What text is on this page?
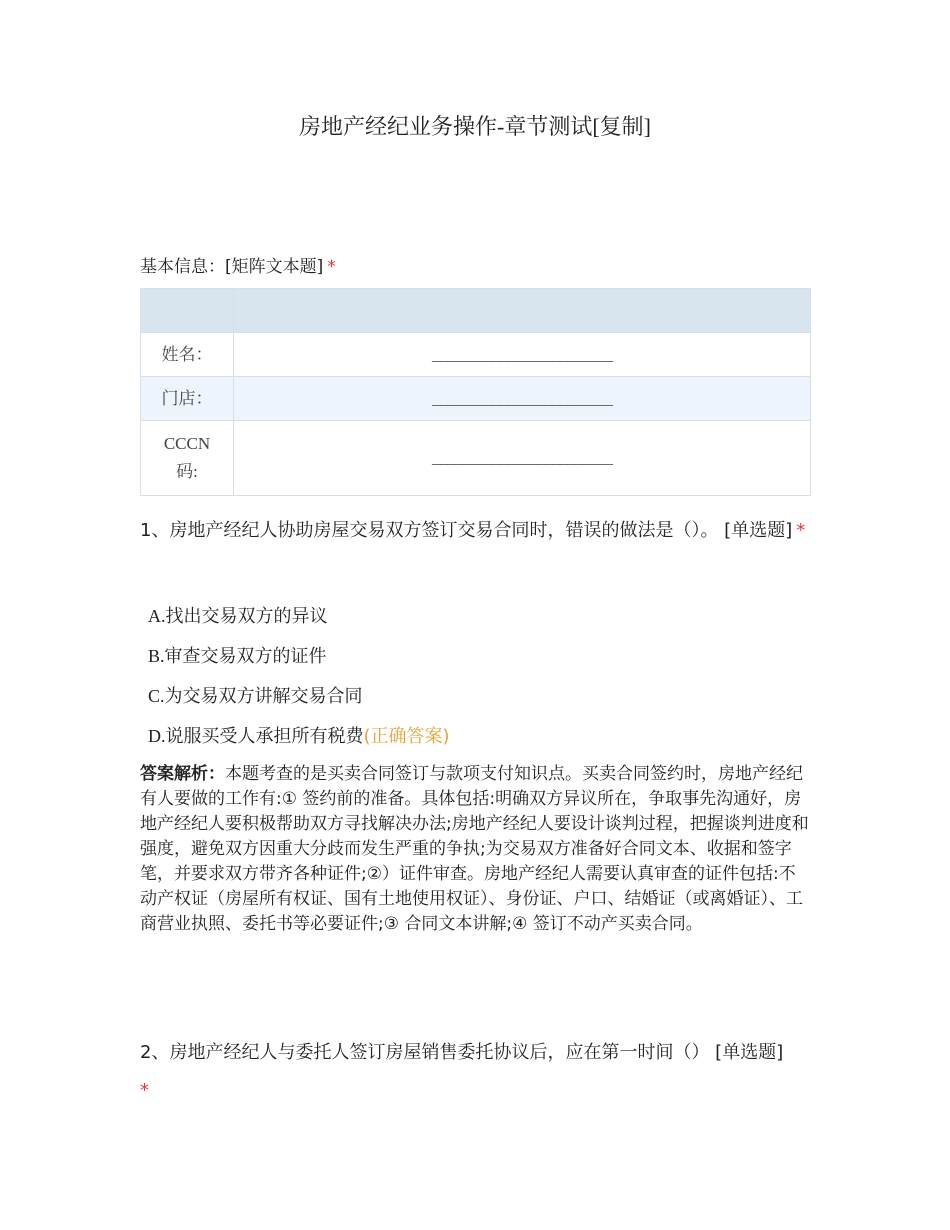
房地产经纪业务操作-章节测试[复制]
基本信息：[矩阵文本题] *

姓名：	________________________
门店：	________________________

CCCN码:	________________________
1、房地产经纪人协助房屋交易双方签订交易合同时，错误的做法是（）。 [单选题] *
A.找出交易双方的异议
B.审查交易双方的证件
C.为交易双方讲解交易合同
D.说服买受人承担所有税费(正确答案)
答案解析：本题考查的是买卖合同签订与款项支付知识点。买卖合同签约时，房地产经纪有人要做的工作有:① 签约前的准备。具体包括:明确双方异议所在，争取事先沟通好，房地产经纪人要积极帮助双方寻找解决办法;房地产经纪人要设计谈判过程，把握谈判进度和强度，避免双方因重大分歧而发生严重的争执;为交易双方准备好合同文本、收据和签字笔，并要求双方带齐各种证件;②）证件审查。房地产经纪人需要认真审查的证件包括:不动产权证（房屋所有权证、国有土地使用权证）、身份证、户口、结婚证（或离婚证）、工商营业执照、委托书等必要证件;③ 合同文本讲解;④ 签订不动产买卖合同。
2、房地产经纪人与委托人签订房屋销售委托协议后，应在第一时间（） [单选题]
*
